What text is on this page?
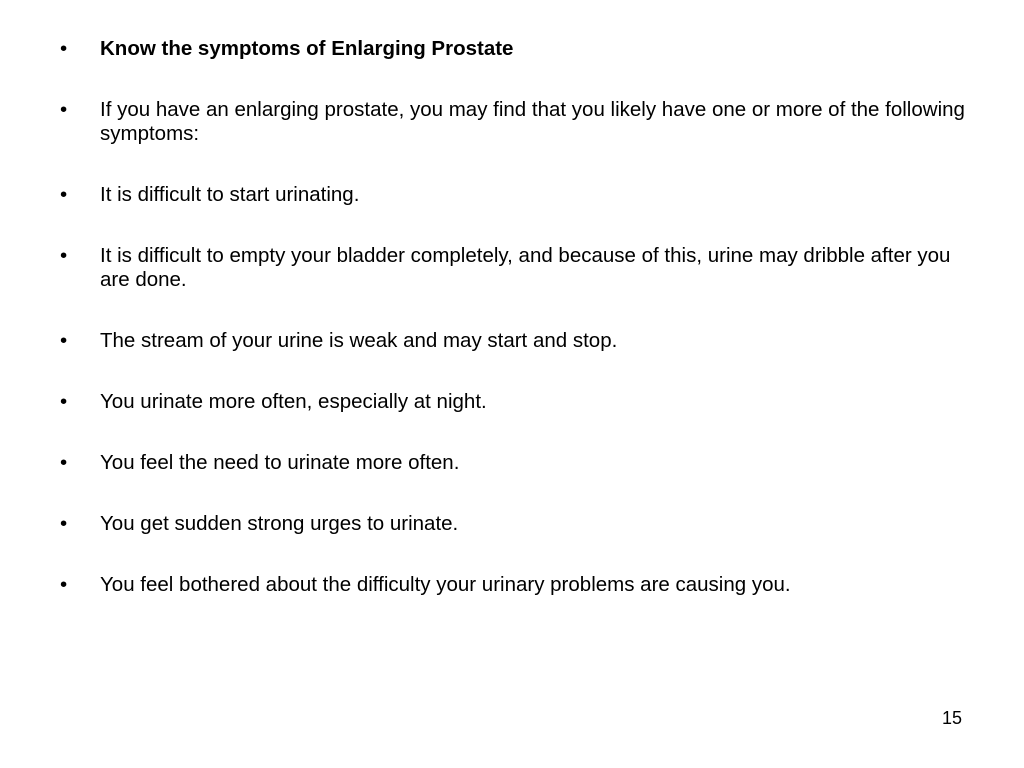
•	Know the symptoms of Enlarging Prostate
•	If you have an enlarging prostate, you may find that you likely have one or more of the following symptoms:
•	It is difficult to start urinating.
•	It is difficult to empty your bladder completely, and because of this, urine may dribble after you are done.
•	The stream of your urine is weak and may start and stop.
•	You urinate more often, especially at night.
•	You feel the need to urinate more often.
•	You get sudden strong urges to urinate.
•	You feel bothered about the difficulty your urinary problems are causing you.
15
